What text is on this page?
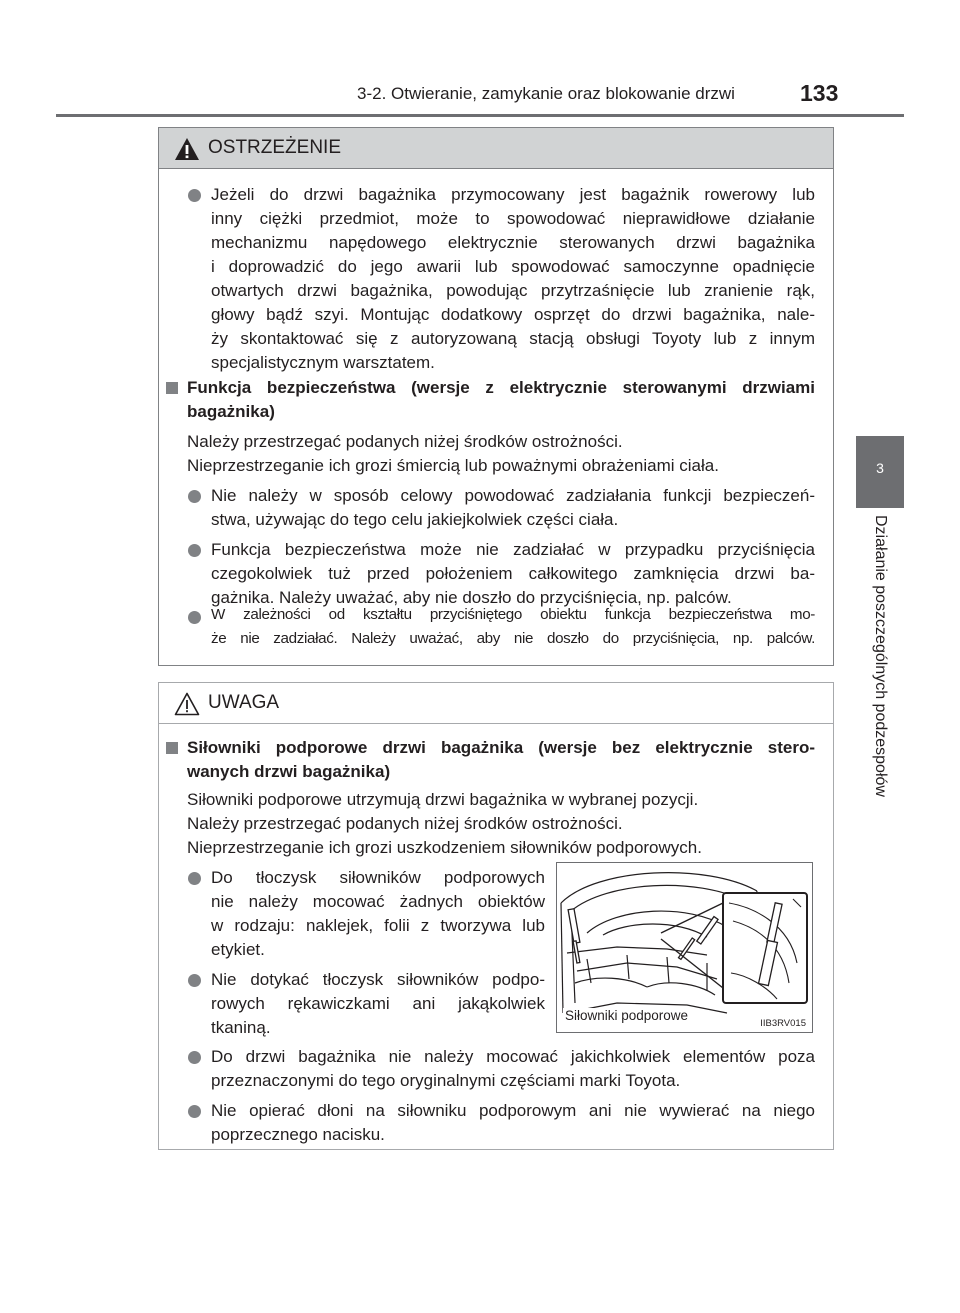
3-2. Otwieranie, zamykanie oraz blokowanie drzwi	133
3
Działanie poszczególnych podzespołów
OSTRZEŻENIE
Jeżeli do drzwi bagażnika przymocowany jest bagażnik rowerowy lub
inny ciężki przedmiot, może to spowodować nieprawidłowe działanie
mechanizmu napędowego elektrycznie sterowanych drzwi bagażnika
i doprowadzić do jego awarii lub spowodować samoczynne opadnięcie
otwartych drzwi bagażnika, powodując przytrzaśnięcie lub zranienie rąk,
głowy bądź szyi. Montując dodatkowy osprzęt do drzwi bagażnika, nale-
ży skontaktować się z autoryzowaną stacją obsługi Toyoty lub z innym
specjalistycznym warsztatem.
Funkcja bezpieczeństwa (wersje z elektrycznie sterowanymi drzwiami
bagażnika)
Należy przestrzegać podanych niżej środków ostrożności.
Nieprzestrzeganie ich grozi śmiercią lub poważnymi obrażeniami ciała.
Nie należy w sposób celowy powodować zadziałania funkcji bezpieczeń-
stwa, używając do tego celu jakiejkolwiek części ciała.
Funkcja bezpieczeństwa może nie zadziałać w przypadku przyciśnięcia
czegokolwiek tuż przed położeniem całkowitego zamknięcia drzwi ba-
gażnika. Należy uważać, aby nie doszło do przyciśnięcia, np. palców.
W zależności od kształtu przyciśniętego obiektu funkcja bezpieczeństwa mo-
że nie zadziałać. Należy uważać, aby nie doszło do przyciśnięcia, np. palców.
UWAGA
Siłowniki podporowe drzwi bagażnika (wersje bez elektrycznie stero-
wanych drzwi bagażnika)
Siłowniki podporowe utrzymują drzwi bagażnika w wybranej pozycji.
Należy przestrzegać podanych niżej środków ostrożności.
Nieprzestrzeganie ich grozi uszkodzeniem siłowników podporowych.
Do tłoczysk siłowników podporowych
nie należy mocować żadnych obiektów
w rodzaju: naklejek, folii z tworzywa lub
etykiet.
Nie dotykać tłoczysk siłowników podpo-
rowych rękawiczkami ani jakąkolwiek
tkaniną.
Do drzwi bagażnika nie należy mocować jakichkolwiek elementów poza
przeznaczonymi do tego oryginalnymi częściami marki Toyota.
Nie opierać dłoni na siłowniku podporowym ani nie wywierać na niego
poprzecznego nacisku.
Siłowniki podporowe
IIB3RV015
